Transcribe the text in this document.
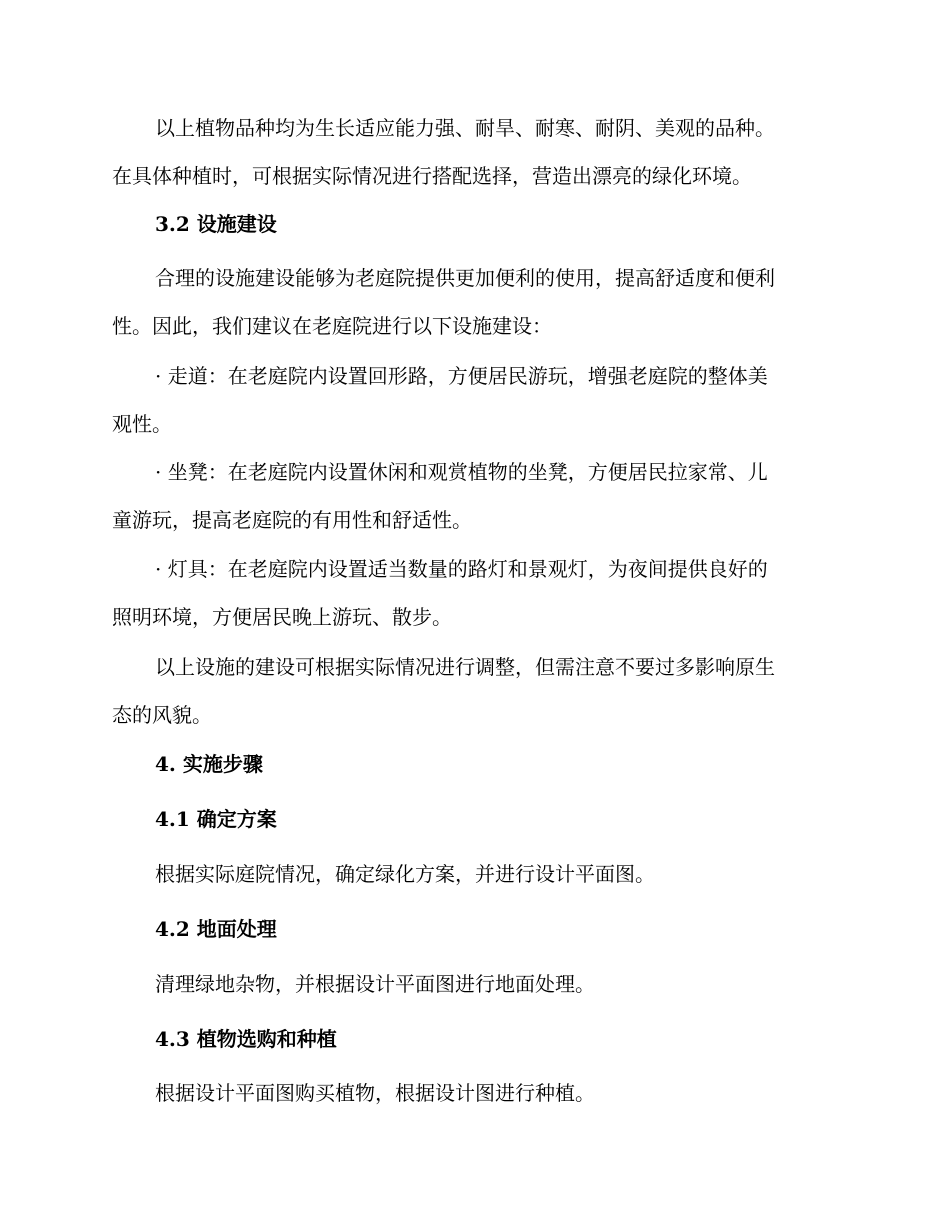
以上植物品种均为生长适应能力强、耐旱、耐寒、耐阴、美观的品种。
在具体种植时，可根据实际情况进行搭配选择，营造出漂亮的绿化环境。

3.2 设施建设

合理的设施建设能够为老庭院提供更加便利的使用，提高舒适度和便利
性。因此，我们建议在老庭院进行以下设施建设：

· 走道：在老庭院内设置回形路，方便居民游玩，增强老庭院的整体美
观性。

· 坐凳：在老庭院内设置休闲和观赏植物的坐凳，方便居民拉家常、儿
童游玩，提高老庭院的有用性和舒适性。

· 灯具：在老庭院内设置适当数量的路灯和景观灯，为夜间提供良好的
照明环境，方便居民晚上游玩、散步。

以上设施的建设可根据实际情况进行调整，但需注意不要过多影响原生
态的风貌。

4. 实施步骤
4.1 确定方案

根据实际庭院情况，确定绿化方案，并进行设计平面图。

4.2 地面处理

清理绿地杂物，并根据设计平面图进行地面处理。

4.3 植物选购和种植

根据设计平面图购买植物，根据设计图进行种植。
